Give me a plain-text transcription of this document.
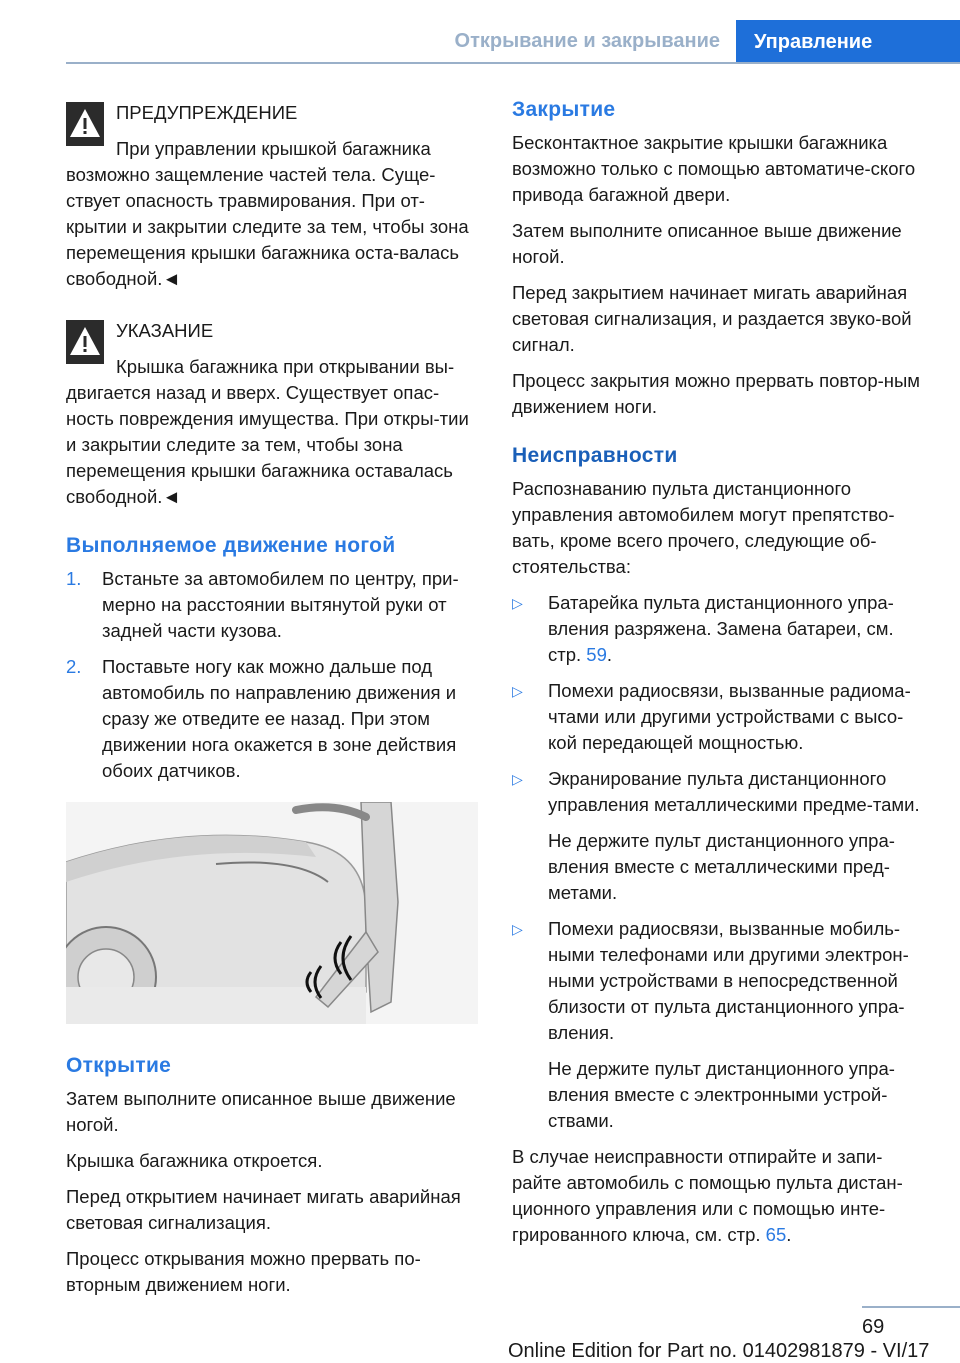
Открывание и закрывание	Управление

ПРЕДУПРЕЖДЕНИЕ

При управлении крышкой багажника

возможно защемление частей тела. Суще-ствует опасность травмирования. При от-крытии и закрытии следите за тем, чтобы зона перемещения крышки багажника оста-валась свободной.◄

УКАЗАНИЕ

Крышка багажника при открывании вы-

двигается назад и вверх. Существует опас-ность повреждения имущества. При откры-тии и закрытии следите за тем, чтобы зона перемещения крышки багажника оставалась свободной.◄

Выполняемое движение ногой
1. Встаньте за автомобилем по центру, при-мерно на расстоянии вытянутой руки от задней части кузова.
2. Поставьте ногу как можно дальше под автомобиль по направлению движения и сразу же отведите ее назад. При этом движении нога окажется в зоне действия обоих датчиков.
Открытие

Затем выполните описанное выше движение ногой.

Крышка багажника откроется.

Перед открытием начинает мигать аварийная световая сигнализация.

Процесс открывания можно прервать по-вторным движением ноги.

Закрытие

Бесконтактное закрытие крышки багажника возможно только с помощью автоматиче-ского привода багажной двери.

Затем выполните описанное выше движение ногой.

Перед закрытием начинает мигать аварийная световая сигнализация, и раздается звуко-вой сигнал.

Процесс закрытия можно прервать повтор-ным движением ноги.

Неисправности

Распознаванию пульта дистанционного управления автомобилем могут препятство-вать, кроме всего прочего, следующие об-стоятельства:

▷ Батарейка пульта дистанционного упра-вления разряжена. Замена батареи, см. стр. 59.
▷ Помехи радиосвязи, вызванные радиома-чтами или другими устройствами с высо-кой передающей мощностью.
▷ Экранирование пульта дистанционного управления металлическими предме-тами.

Не держите пульт дистанционного упра-вления вместе с металлическими пред-метами.

▷ Помехи радиосвязи, вызванные мобиль-ными телефонами или другими электрон-ными устройствами в непосредственной близости от пульта дистанционного упра-вления.

Не держите пульт дистанционного упра-вления вместе с электронными устрой-ствами.

В случае неисправности отпирайте и запи-райте автомобиль с помощью пульта дистан-ционного управления или с помощью инте-грированного ключа, см. стр. 65.

69
Online Edition for Part no. 01402981879 - VI/17
